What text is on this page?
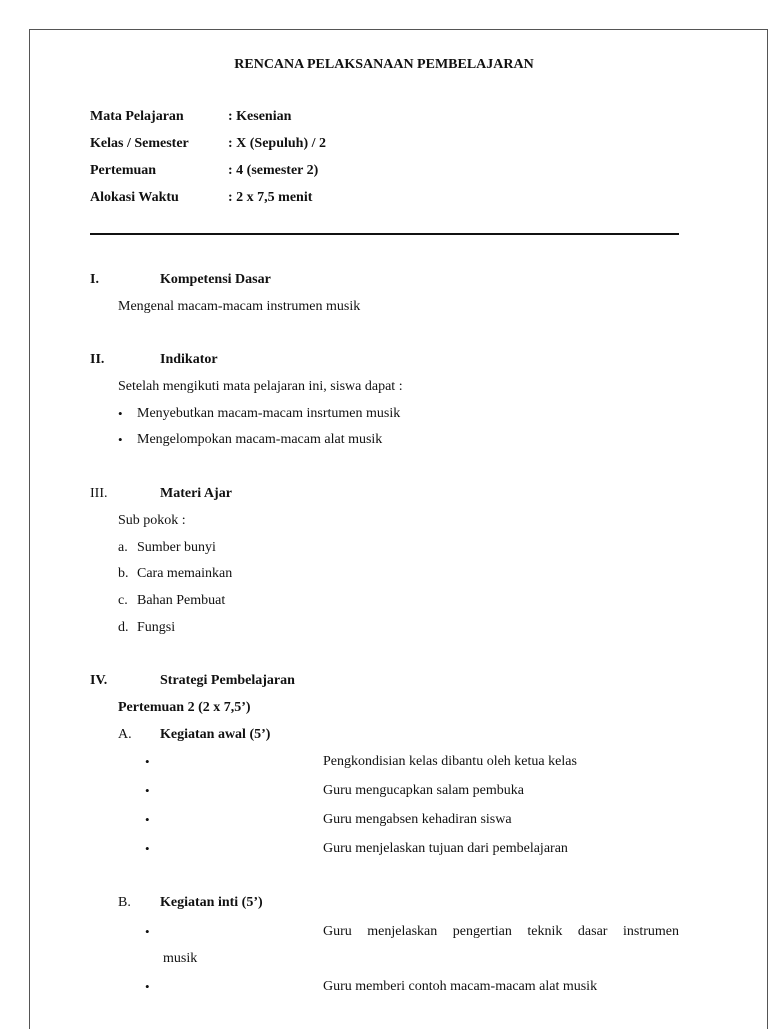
RENCANA PELAKSANAAN PEMBELAJARAN
Mata Pelajaran	: Kesenian
Kelas / Semester	: X (Sepuluh) / 2
Pertemuan	: 4 (semester 2)
Alokasi Waktu	: 2 x 7,5 menit
I.	Kompetensi Dasar
Mengenal macam-macam instrumen musik
II.	Indikator
Setelah mengikuti mata pelajaran ini, siswa dapat :
• Menyebutkan macam-macam insrtumen musik
• Mengelompokan macam-macam alat musik
III.	Materi Ajar
Sub pokok :
a. Sumber bunyi
b. Cara memainkan
c. Bahan Pembuat
d. Fungsi
IV.	Strategi Pembelajaran
Pertemuan 2 (2 x 7,5’)
A. Kegiatan awal (5’)
•	Pengkondisian kelas dibantu oleh ketua kelas
•	Guru mengucapkan salam pembuka
•	Guru mengabsen kehadiran siswa
•	Guru menjelaskan tujuan dari pembelajaran
B. Kegiatan inti (5’)
•	Guru menjelaskan pengertian teknik dasar instrumen
musik
•	Guru memberi contoh macam-macam alat musik
